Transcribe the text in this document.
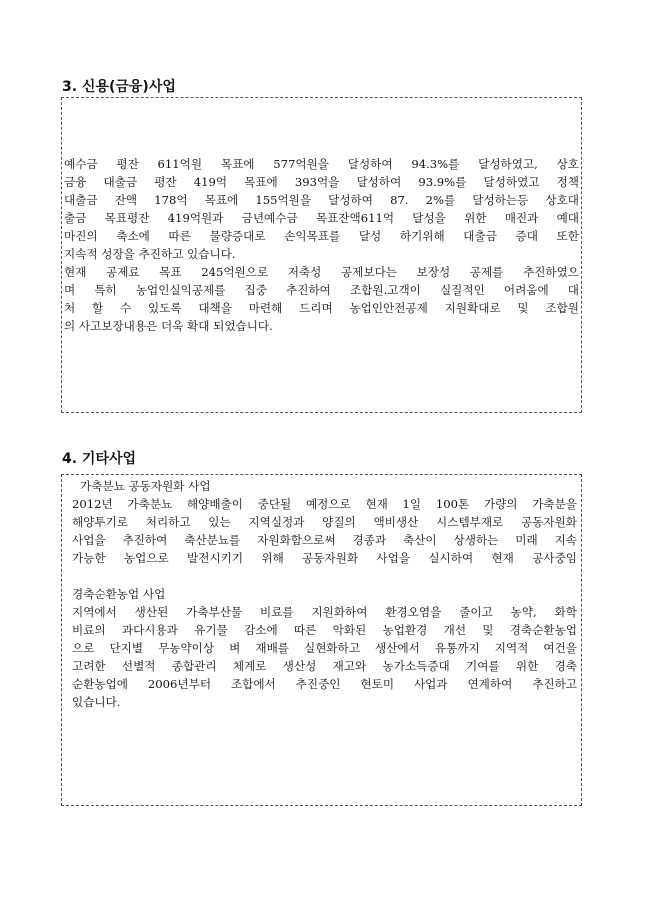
3. 신용(금융)사업
예수금 평잔 611억원 목표에 577억원을 달성하여 94.3%를 달성하였고, 상호
금융 대출금 평잔 419억 목표에 393억을 달성하여 93.9%를 달성하였고 정책
대출금 잔액 178억 목표에 155억원을 달성하여 87. 2%를 달성하는등 상호대
출금 목표평잔 419억원과 금년예수금 목표잔액611억 달성을 위한 매진과 예대
마진의 축소에 따른 물량증대로 손익목표를 달성 하기위해 대출금 증대 또한
지속적 성장을 추진하고 있습니다.
현재 공제료 목표 245억원으로 저축성 공제보다는 보장성 공제를 추진하였으
며 특히 농업인실익공제를 집중 추진하여 조합원.고객이 실질적인 어려움에 대
처 할 수 있도록 대책을 마련해 드리며 농업인안전공제 지원확대로 및 조합원
의 사고보장내용은 더욱 확대 되었습니다.
4. 기타사업
가축분뇨 공동자원화 사업
2012년 가축분뇨 해양배출이 중단될 예정으로 현재 1일 100톤 가량의 가축분을
해양투기로 처리하고 있는 지역실정과 양질의 액비생산 시스템부재로 공동자원화
사업을 추진하여 축산분뇨를 자원화함으로써 경종과 축산이 상생하는 미래 지속
가능한 농업으로 발전시키기 위해 공동자원화 사업을 실시하여 현재 공사중임
경축순환농업 사업
지역에서 생산된 가축부산물 비료를 지원화하여 환경오염을 줄이고 농약, 화학
비료의 과다시용과 유기물 감소에 따른 악화된 농업환경 개선 및 경축순환농업
으로 단지별 무농약이상 벼 재배를 실현화하고 생산에서 유통까지 지역적 여건을
고려한 선별적 종합관리 체계로 생산성 재고와 농가소득증대 기여를 위한 경축
순환농업에 2006년부터 조합에서 추진중인 현토미 사업과 연계하여 추진하고
있습니다.
